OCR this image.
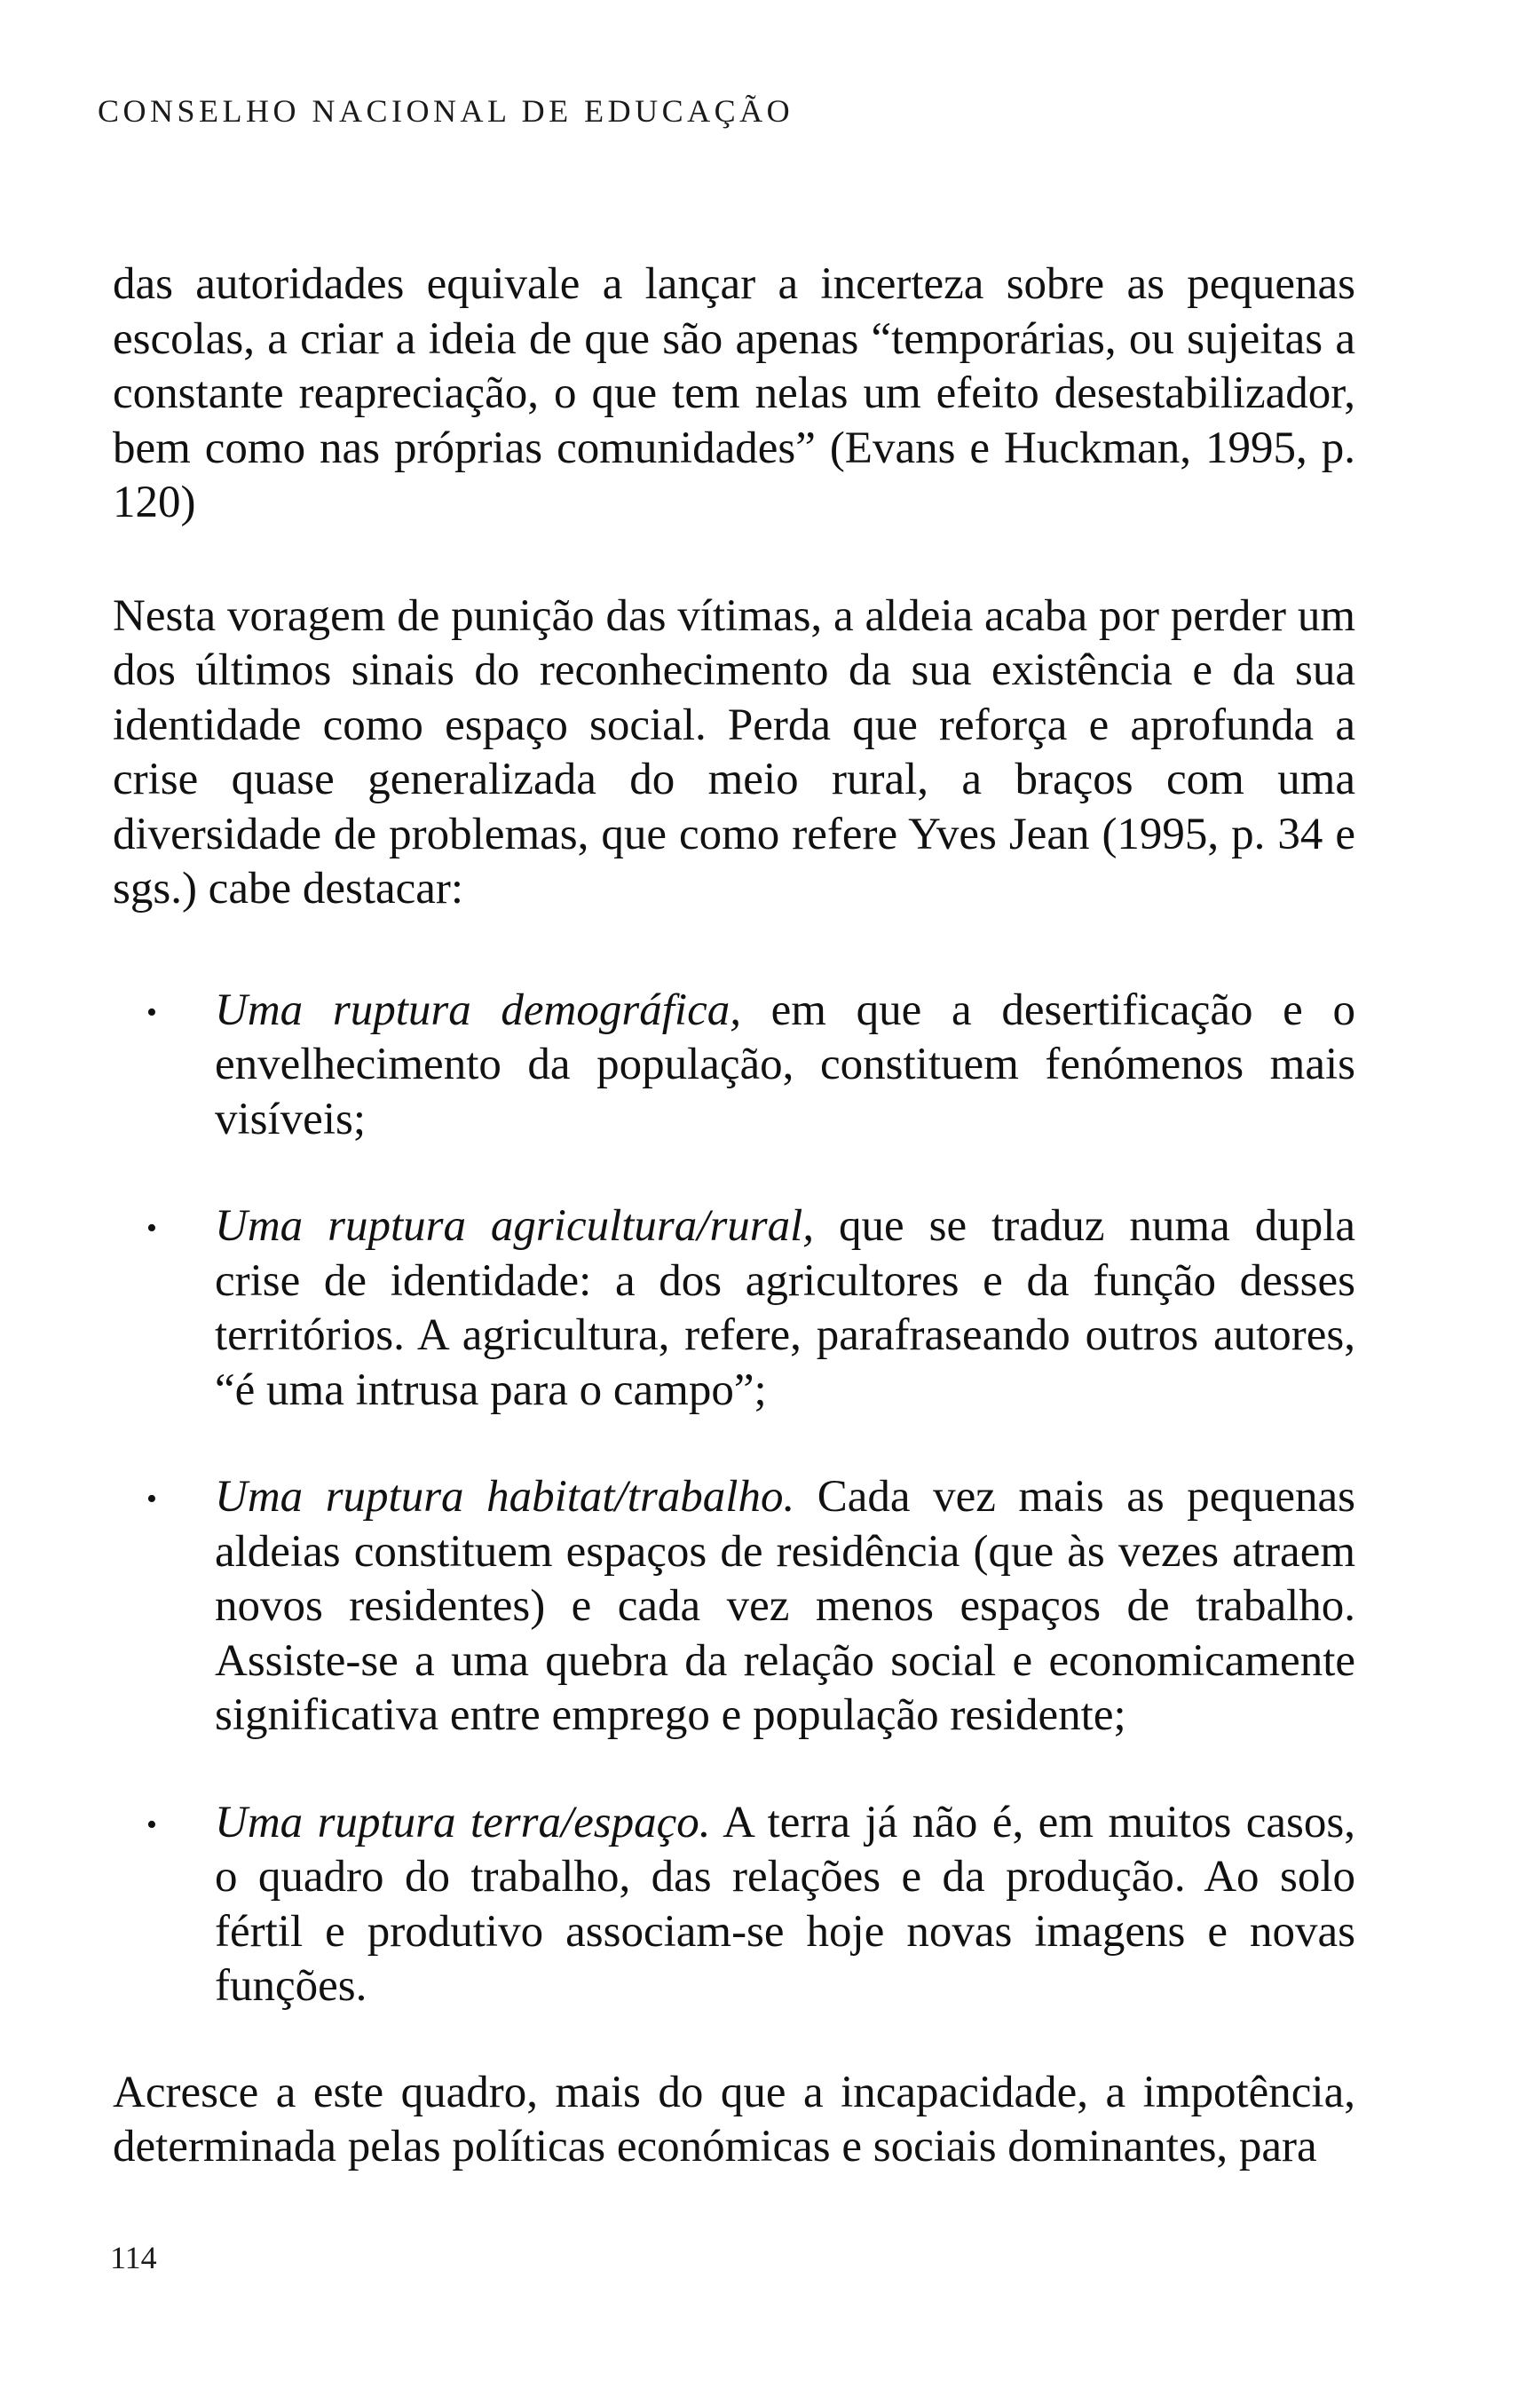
CONSELHO NACIONAL DE EDUCAÇÃO

das autoridades equivale a lançar a incerteza sobre as pequenas escolas, a criar a ideia de que são apenas “temporárias, ou sujeitas a constante reapreciação, o que tem nelas um efeito desestabilizador, bem como nas próprias comunidades” (Evans e Huckman, 1995, p. 120)

Nesta voragem de punição das vítimas, a aldeia acaba por perder um dos últimos sinais do reconhecimento da sua existência e da sua identidade como espaço social. Perda que reforça e aprofunda a crise quase generalizada do meio rural, a braços com uma diversidade de problemas, que como refere Yves Jean (1995, p. 34 e sgs.) cabe destacar:

• Uma ruptura demográfica, em que a desertificação e o envelhecimento da população, constituem fenómenos mais visíveis;
• Uma ruptura agricultura/rural, que se traduz numa dupla crise de identidade: a dos agricultores e da função desses territórios. A agricultura, refere, parafraseando outros autores, “é uma intrusa para o campo”;
• Uma ruptura habitat/trabalho. Cada vez mais as pequenas aldeias constituem espaços de residência (que às vezes atraem novos residentes) e cada vez menos espaços de trabalho. Assiste-se a uma quebra da relação social e economicamente significativa entre emprego e população residente;
• Uma ruptura terra/espaço. A terra já não é, em muitos casos, o quadro do trabalho, das relações e da produção. Ao solo fértil e produtivo associam-se hoje novas imagens e novas funções.

Acresce a este quadro, mais do que a incapacidade, a impotência, determinada pelas políticas económicas e sociais dominantes, para

114
